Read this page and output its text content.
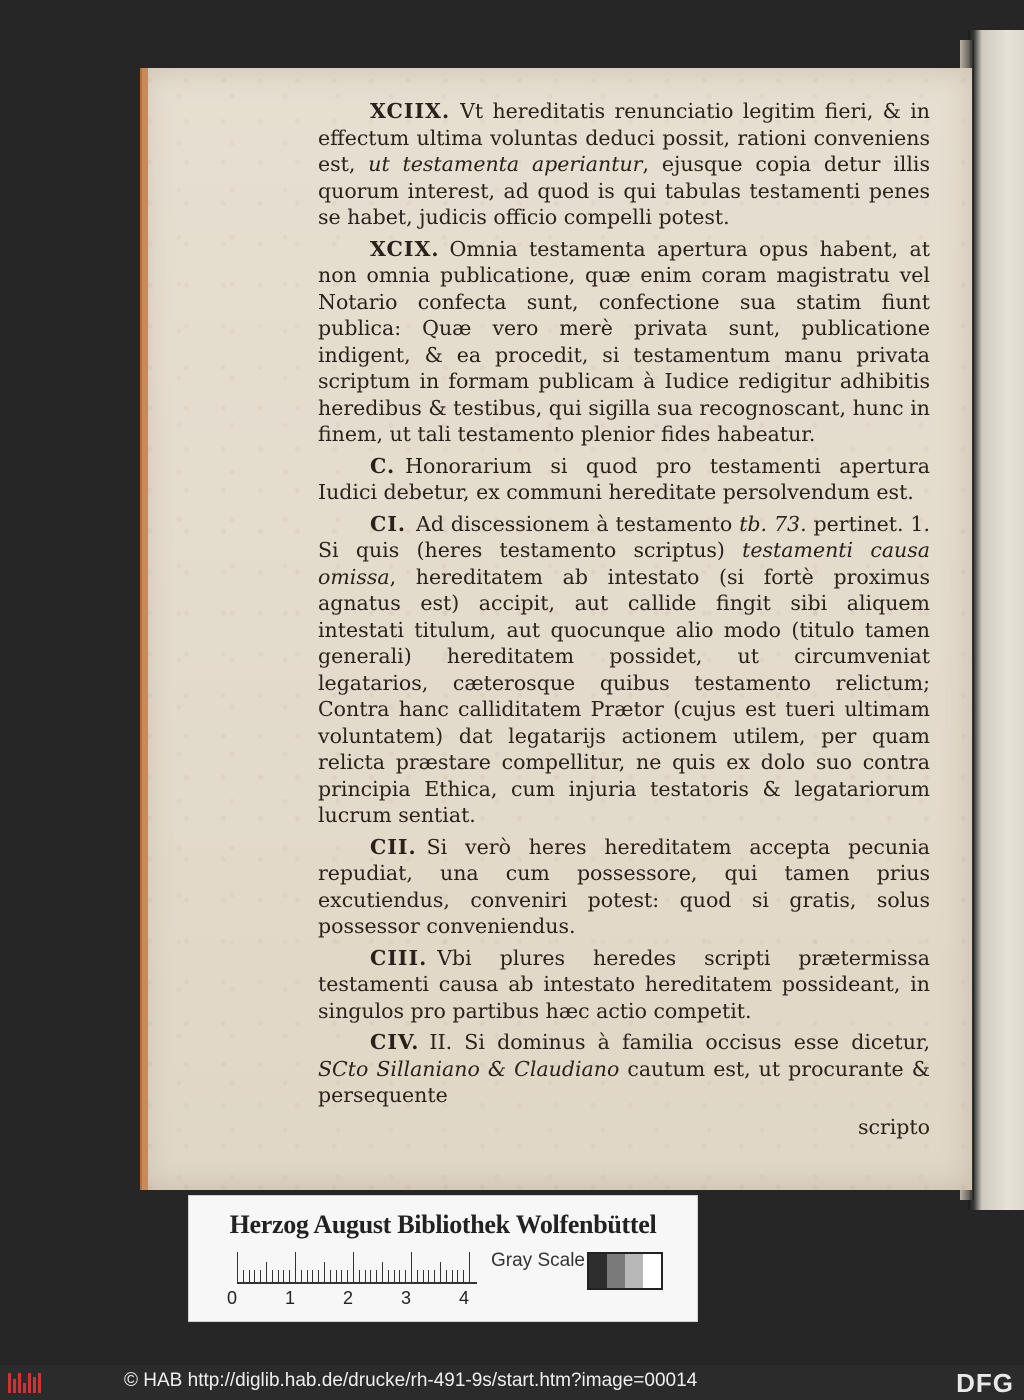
XCIIX. Vt hereditatis renunciatio legitim fieri, & in effectum ultima voluntas deduci possit, rationi conveniens est, ut testamenta aperiantur, ejusque copia detur illis quorum interest, ad quod is qui tabulas testamenti penes se habet, judicis officio compelli potest.

XCIX. Omnia testamenta apertura opus habent, at non omnia publicatione, quæ enim coram magistratu vel Notario confecta sunt, confectione sua statim fiunt publica: Quæ vero merè privata sunt, publicatione indigent, & ea procedit, si testamentum manu privata scriptum in formam publicam à Iudice redigitur adhibitis heredibus & testibus, qui sigilla sua recognoscant, hunc in finem, ut tali testamento plenior fides habeatur.

C. Honorarium si quod pro testamenti apertura Iudici debetur, ex communi hereditate persolvendum est.

CI. Ad discessionem à testamento tb. 73. pertinet. 1. Si quis (heres testamento scriptus) testamenti causa omissa, hereditatem ab intestato (si fortè proximus agnatus est) accipit, aut callide fingit sibi aliquem intestati titulum, aut quocunque alio modo (titulo tamen generali) hereditatem possidet, ut circumveniat legatarios, cæterosque quibus testamento relictum; Contra hanc calliditatem Prætor (cujus est tueri ultimam voluntatem) dat legatarijs actionem utilem, per quam relicta præstare compellitur, ne quis ex dolo suo contra principia Ethica, cum injuria testatoris & legatariorum lucrum sentiat.

CII. Si verò heres hereditatem accepta pecunia repudiat, una cum possessore, qui tamen prius excutiendus, conveniri potest: quod si gratis, solus possessor conveniendus.

CIII. Vbi plures heredes scripti prætermissa testamenti causa ab intestato hereditatem possideant, in singulos pro partibus hæc actio competit.

CIV. II. Si dominus à familia occisus esse dicetur, SCto Sillaniano & Claudiano cautum est, ut procurante & persequente

scripto

Herzog August Bibliothek Wolfenbüttel
0	1	2	3	4
Gray Scale
© HAB http://diglib.hab.de/drucke/rh-491-9s/start.htm?image=00014	DFG
